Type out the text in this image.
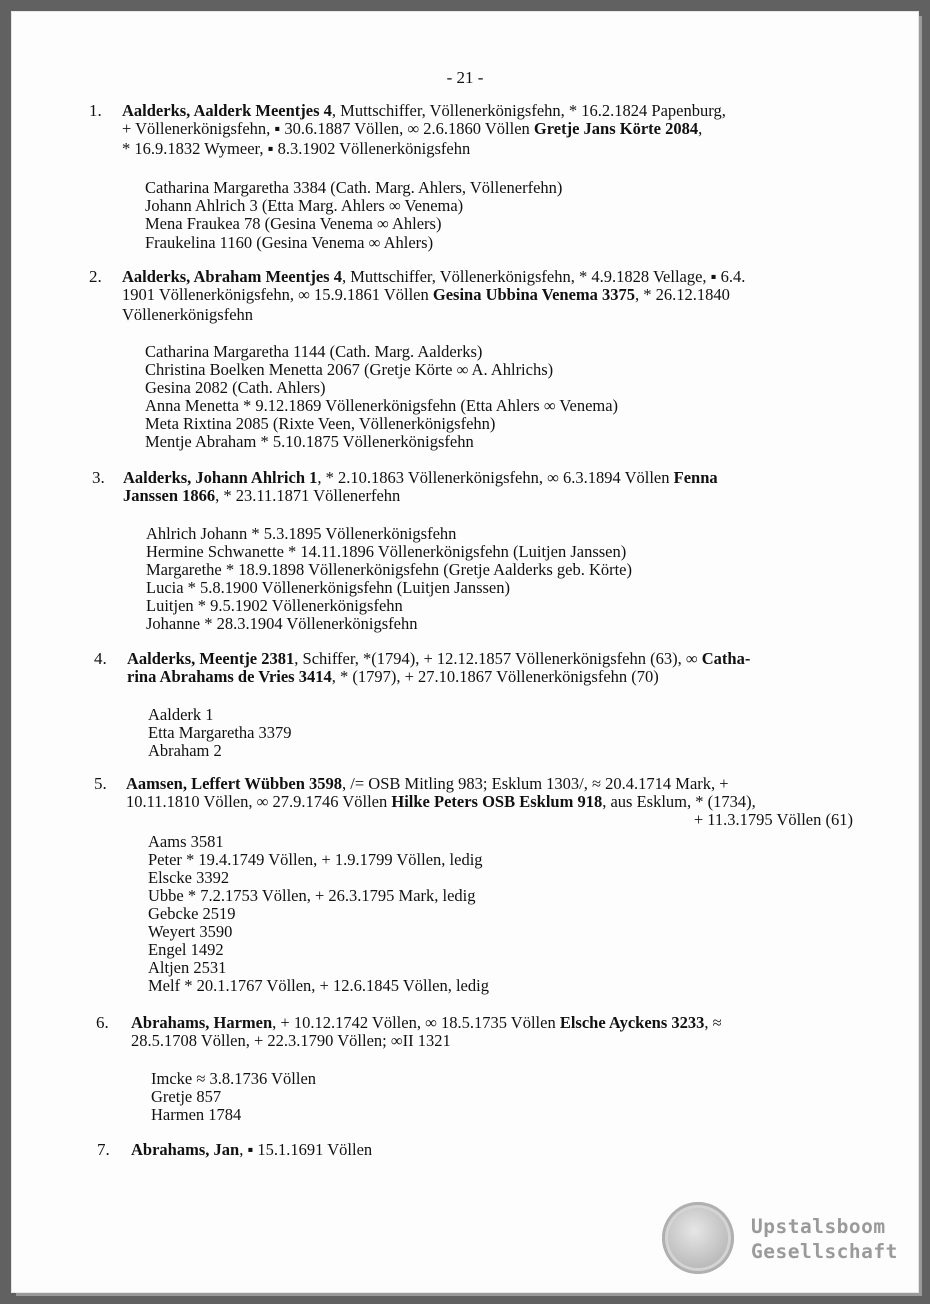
- 21 -
1. Aalderks, Aalderk Meentjes 4, Muttschiffer, Völlenerkönigsfehn, * 16.2.1824 Papenburg,
+ Völlenerkönigsfehn, ▪ 30.6.1887 Völlen, ∞ 2.6.1860 Völlen Gretje Jans Körte 2084,
* 16.9.1832 Wymeer, ▪ 8.3.1902 Völlenerkönigsfehn
Catharina Margaretha 3384 (Cath. Marg. Ahlers, Völlenerfehn)
Johann Ahlrich 3 (Etta Marg. Ahlers ∞ Venema)
Mena Fraukea 78 (Gesina Venema ∞ Ahlers)
Fraukelina 1160 (Gesina Venema ∞ Ahlers)
2. Aalderks, Abraham Meentjes 4, Muttschiffer, Völlenerkönigsfehn, * 4.9.1828 Vellage, ▪ 6.4.
1901 Völlenerkönigsfehn, ∞ 15.9.1861 Völlen Gesina Ubbina Venema 3375, * 26.12.1840
Völlenerkönigsfehn
Catharina Margaretha 1144 (Cath. Marg. Aalderks)
Christina Boelken Menetta 2067 (Gretje Körte ∞ A. Ahlrichs)
Gesina 2082 (Cath. Ahlers)
Anna Menetta * 9.12.1869 Völlenerkönigsfehn (Etta Ahlers ∞ Venema)
Meta Rixtina 2085 (Rixte Veen, Völlenerkönigsfehn)
Mentje Abraham * 5.10.1875 Völlenerkönigsfehn
3. Aalderks, Johann Ahlrich 1, * 2.10.1863 Völlenerkönigsfehn, ∞ 6.3.1894 Völlen Fenna
Janssen 1866, * 23.11.1871 Völlenerfehn
Ahlrich Johann * 5.3.1895 Völlenerkönigsfehn
Hermine Schwanette * 14.11.1896 Völlenerkönigsfehn (Luitjen Janssen)
Margarethe * 18.9.1898 Völlenerkönigsfehn (Gretje Aalderks geb. Körte)
Lucia * 5.8.1900 Völlenerkönigsfehn (Luitjen Janssen)
Luitjen * 9.5.1902 Völlenerkönigsfehn
Johanne * 28.3.1904 Völlenerkönigsfehn
4. Aalderks, Meentje 2381, Schiffer, *(1794), + 12.12.1857 Völlenerkönigsfehn (63), ∞ Catha-
rina Abrahams de Vries 3414, * (1797), + 27.10.1867 Völlenerkönigsfehn (70)
Aalderk 1
Etta Margaretha 3379
Abraham 2
5. Aamsen, Leffert Wübben 3598, /= OSB Mitling 983; Esklum 1303/, ≈ 20.4.1714 Mark, +
10.11.1810 Völlen, ∞ 27.9.1746 Völlen Hilke Peters OSB Esklum 918, aus Esklum, * (1734),
+ 11.3.1795 Völlen (61)
Aams 3581
Peter * 19.4.1749 Völlen, + 1.9.1799 Völlen, ledig
Elscke 3392
Ubbe * 7.2.1753 Völlen, + 26.3.1795 Mark, ledig
Gebcke 2519
Weyert 3590
Engel 1492
Altjen 2531
Melf * 20.1.1767 Völlen, + 12.6.1845 Völlen, ledig
6. Abrahams, Harmen, + 10.12.1742 Völlen, ∞ 18.5.1735 Völlen Elsche Ayckens 3233, ≈
28.5.1708 Völlen, + 22.3.1790 Völlen; ∞II 1321
Imcke ≈ 3.8.1736 Völlen
Gretje 857
Harmen 1784
7. Abrahams, Jan, ▪ 15.1.1691 Völlen
Upstalsboom
Gesellschaft
